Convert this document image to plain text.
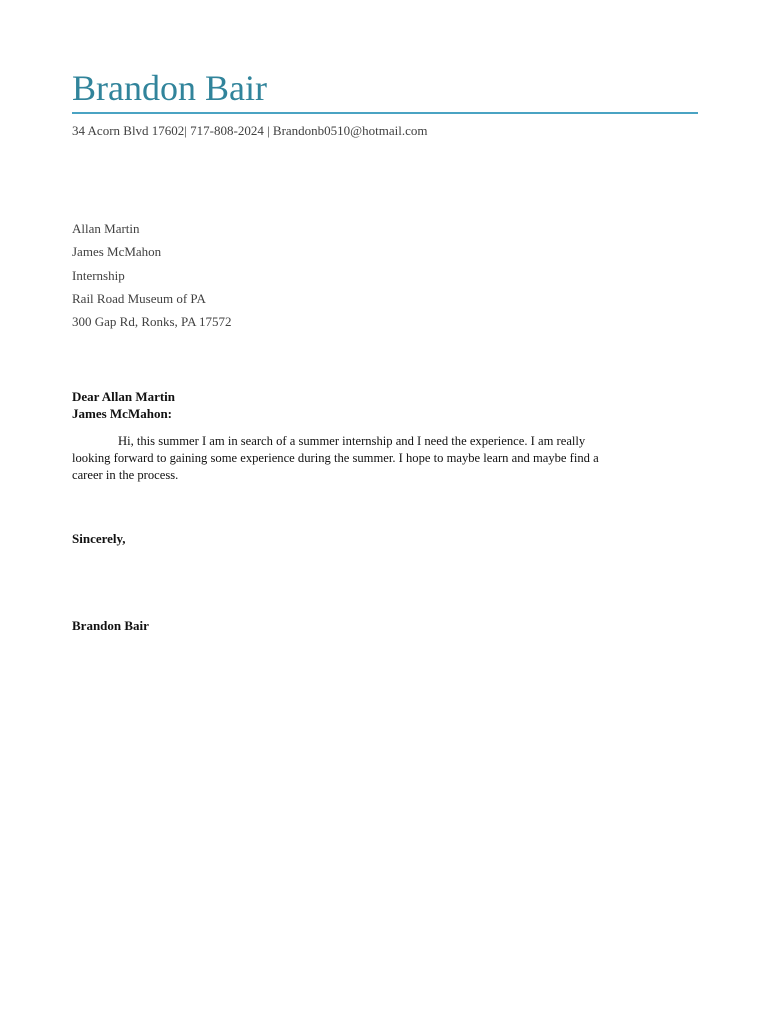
Brandon Bair
34 Acorn Blvd 17602| 717-808-2024 | Brandonb0510@hotmail.com
Allan Martin
James McMahon
Internship
Rail Road Museum of PA
300 Gap Rd, Ronks, PA 17572
Dear Allan Martin
James McMahon:

Hi, this summer I am in search of a summer internship and I need the experience. I am really
looking forward to gaining some experience during the summer. I hope to maybe learn and maybe find a
career in the process.

Sincerely,
Brandon Bair
